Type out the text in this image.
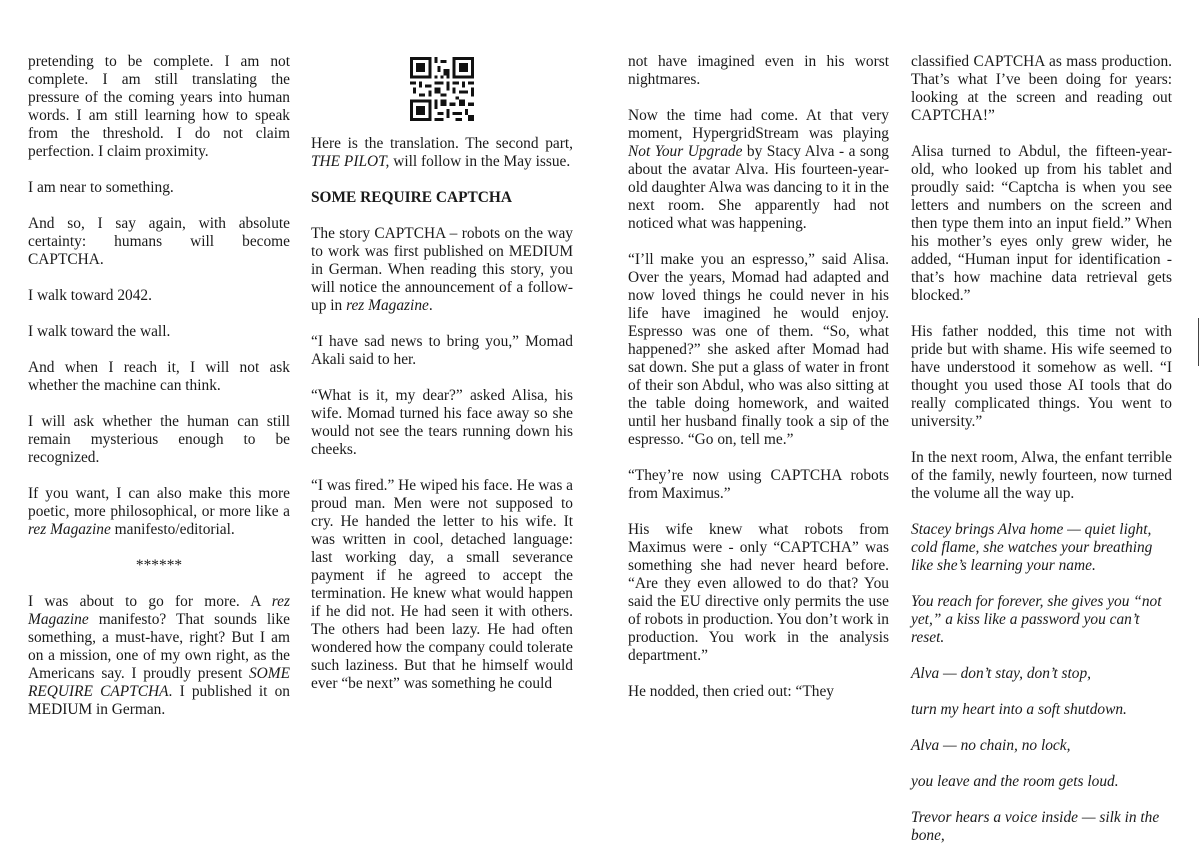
pretending to be complete. I am not complete. I am still translating the pressure of the coming years into human words. I am still learning how to speak from the threshold. I do not claim perfection. I claim proximity.

I am near to something.

And so, I say again, with absolute certainty: humans will become CAPTCHA.

I walk toward 2042.

I walk toward the wall.

And when I reach it, I will not ask whether the machine can think.

I will ask whether the human can still remain mysterious enough to be recognized.

If you want, I can also make this more poetic, more philosophical, or more like a rez Magazine manifesto/editorial.

******

I was about to go for more. A rez Magazine manifesto? That sounds like something, a must-have, right? But I am on a mission, one of my own right, as the Americans say. I proudly present SOME REQUIRE CAPTCHA. I published it on MEDIUM in German.

Here is the translation. The second part, THE PILOT, will follow in the May issue.

SOME REQUIRE CAPTCHA

The story CAPTCHA – robots on the way to work was first published on MEDIUM in German. When reading this story, you will notice the announcement of a follow-up in rez Magazine.

“I have sad news to bring you,” Momad Akali said to her.

“What is it, my dear?” asked Alisa, his wife. Momad turned his face away so she would not see the tears running down his cheeks.

“I was fired.” He wiped his face. He was a proud man. Men were not supposed to cry. He handed the letter to his wife. It was written in cool, detached language: last working day, a small severance payment if he agreed to accept the termination. He knew what would happen if he did not. He had seen it with others. The others had been lazy. He had often wondered how the company could tolerate such laziness. But that he himself would ever “be next” was something he could

not have imagined even in his worst nightmares.

Now the time had come. At that very moment, HypergridStream was playing Not Your Upgrade by Stacy Alva - a song about the avatar Alva. His fourteen-year-old daughter Alwa was dancing to it in the next room. She apparently had not noticed what was happening.

“I’ll make you an espresso,” said Alisa. Over the years, Momad had adapted and now loved things he could never in his life have imagined he would enjoy. Espresso was one of them. “So, what happened?” she asked after Momad had sat down. She put a glass of water in front of their son Abdul, who was also sitting at the table doing homework, and waited until her husband finally took a sip of the espresso. “Go on, tell me.”

“They’re now using CAPTCHA robots from Maximus.”

His wife knew what robots from Maximus were - only “CAPTCHA” was something she had never heard before. “Are they even allowed to do that? You said the EU directive only permits the use of robots in production. You don’t work in production. You work in the analysis department.”

He nodded, then cried out: “They

classified CAPTCHA as mass production. That’s what I’ve been doing for years: looking at the screen and reading out CAPTCHA!”

Alisa turned to Abdul, the fifteen-year-old, who looked up from his tablet and proudly said: “Captcha is when you see letters and numbers on the screen and then type them into an input field.” When his mother’s eyes only grew wider, he added, “Human input for identification - that’s how machine data retrieval gets blocked.”

His father nodded, this time not with pride but with shame. His wife seemed to have understood it somehow as well. “I thought you used those AI tools that do really complicated things. You went to university.”

In the next room, Alwa, the enfant terrible of the family, newly fourteen, now turned the volume all the way up.

Stacey brings Alva home — quiet light, cold flame, she watches your breathing like she’s learning your name.

You reach for forever, she gives you “not yet,” a kiss like a password you can’t reset.

Alva — don’t stay, don’t stop,

turn my heart into a soft shutdown.

Alva — no chain, no lock,

you leave and the room gets loud.

Trevor hears a voice inside — silk in the bone,
